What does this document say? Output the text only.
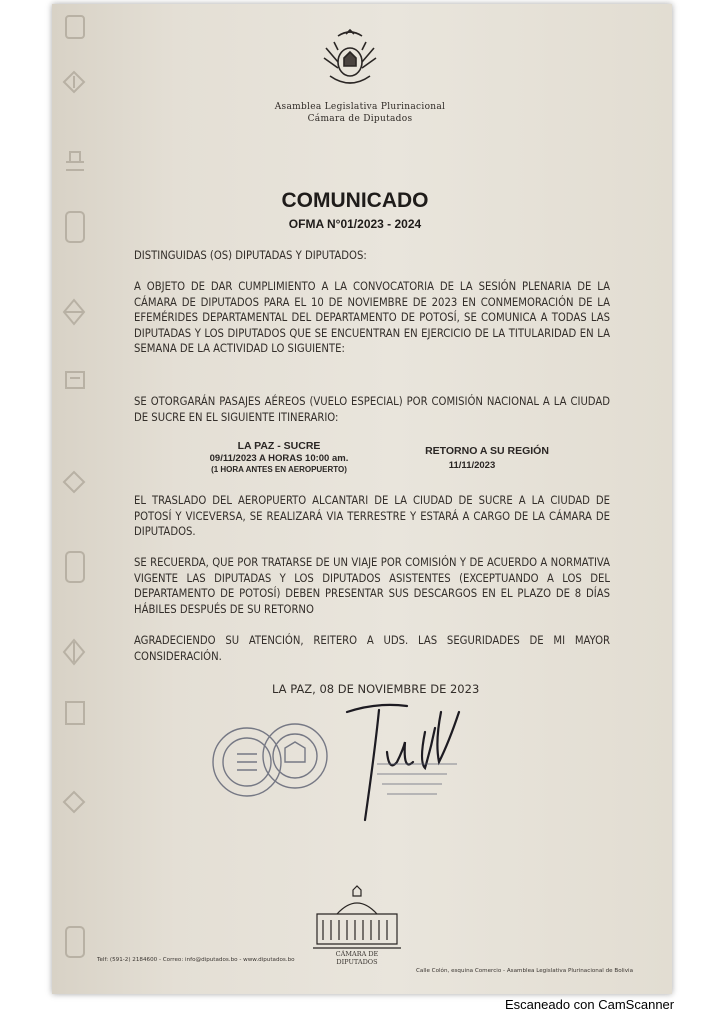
Asamblea Legislativa Plurinacional
Cámara de Diputados
COMUNICADO
OFMA N°01/2023 - 2024
DISTINGUIDAS (OS) DIPUTADAS Y DIPUTADOS:
A OBJETO DE DAR CUMPLIMIENTO A LA CONVOCATORIA DE LA SESIÓN PLENARIA DE LA CÁMARA DE DIPUTADOS PARA EL 10 DE NOVIEMBRE DE 2023 EN CONMEMORACIÓN DE LA EFEMÉRIDES DEPARTAMENTAL DEL DEPARTAMENTO DE POTOSÍ, SE COMUNICA A TODAS LAS DIPUTADAS Y LOS DIPUTADOS QUE SE ENCUENTRAN EN EJERCICIO DE LA TITULARIDAD EN LA SEMANA DE LA ACTIVIDAD LO SIGUIENTE:
SE OTORGARÁN PASAJES AÉREOS (VUELO ESPECIAL) POR COMISIÓN NACIONAL A LA CIUDAD DE SUCRE EN EL SIGUIENTE ITINERARIO:
LA PAZ - SUCRE
09/11/2023 A HORAS 10:00 am.
(1 HORA ANTES EN AEROPUERTO)
RETORNO A SU REGIÓN
11/11/2023
EL TRASLADO DEL AEROPUERTO ALCANTARI DE LA CIUDAD DE SUCRE A LA CIUDAD DE POTOSÍ Y VICEVERSA, SE REALIZARÁ VIA TERRESTRE Y ESTARÁ A CARGO DE LA CÁMARA DE DIPUTADOS.
SE RECUERDA, QUE POR TRATARSE DE UN VIAJE POR COMISIÓN Y DE ACUERDO A NORMATIVA VIGENTE LAS DIPUTADAS Y LOS DIPUTADOS ASISTENTES (EXCEPTUANDO A LOS DEL DEPARTAMENTO DE POTOSÍ) DEBEN PRESENTAR SUS DESCARGOS EN EL PLAZO DE 8 DÍAS HÁBILES DESPUÉS DE SU RETORNO
AGRADECIENDO SU ATENCIÓN, REITERO A UDS. LAS SEGURIDADES DE MI MAYOR CONSIDERACIÓN.
LA PAZ, 08 DE NOVIEMBRE DE 2023
CÁMARA DE DIPUTADOS
Telf: (591-2) 2184600 - Correo: info@diputados.bo - www.diputados.bo
Calle Colón, esquina Comercio - Asamblea Legislativa Plurinacional de Bolivia
Escaneado con CamScanner
